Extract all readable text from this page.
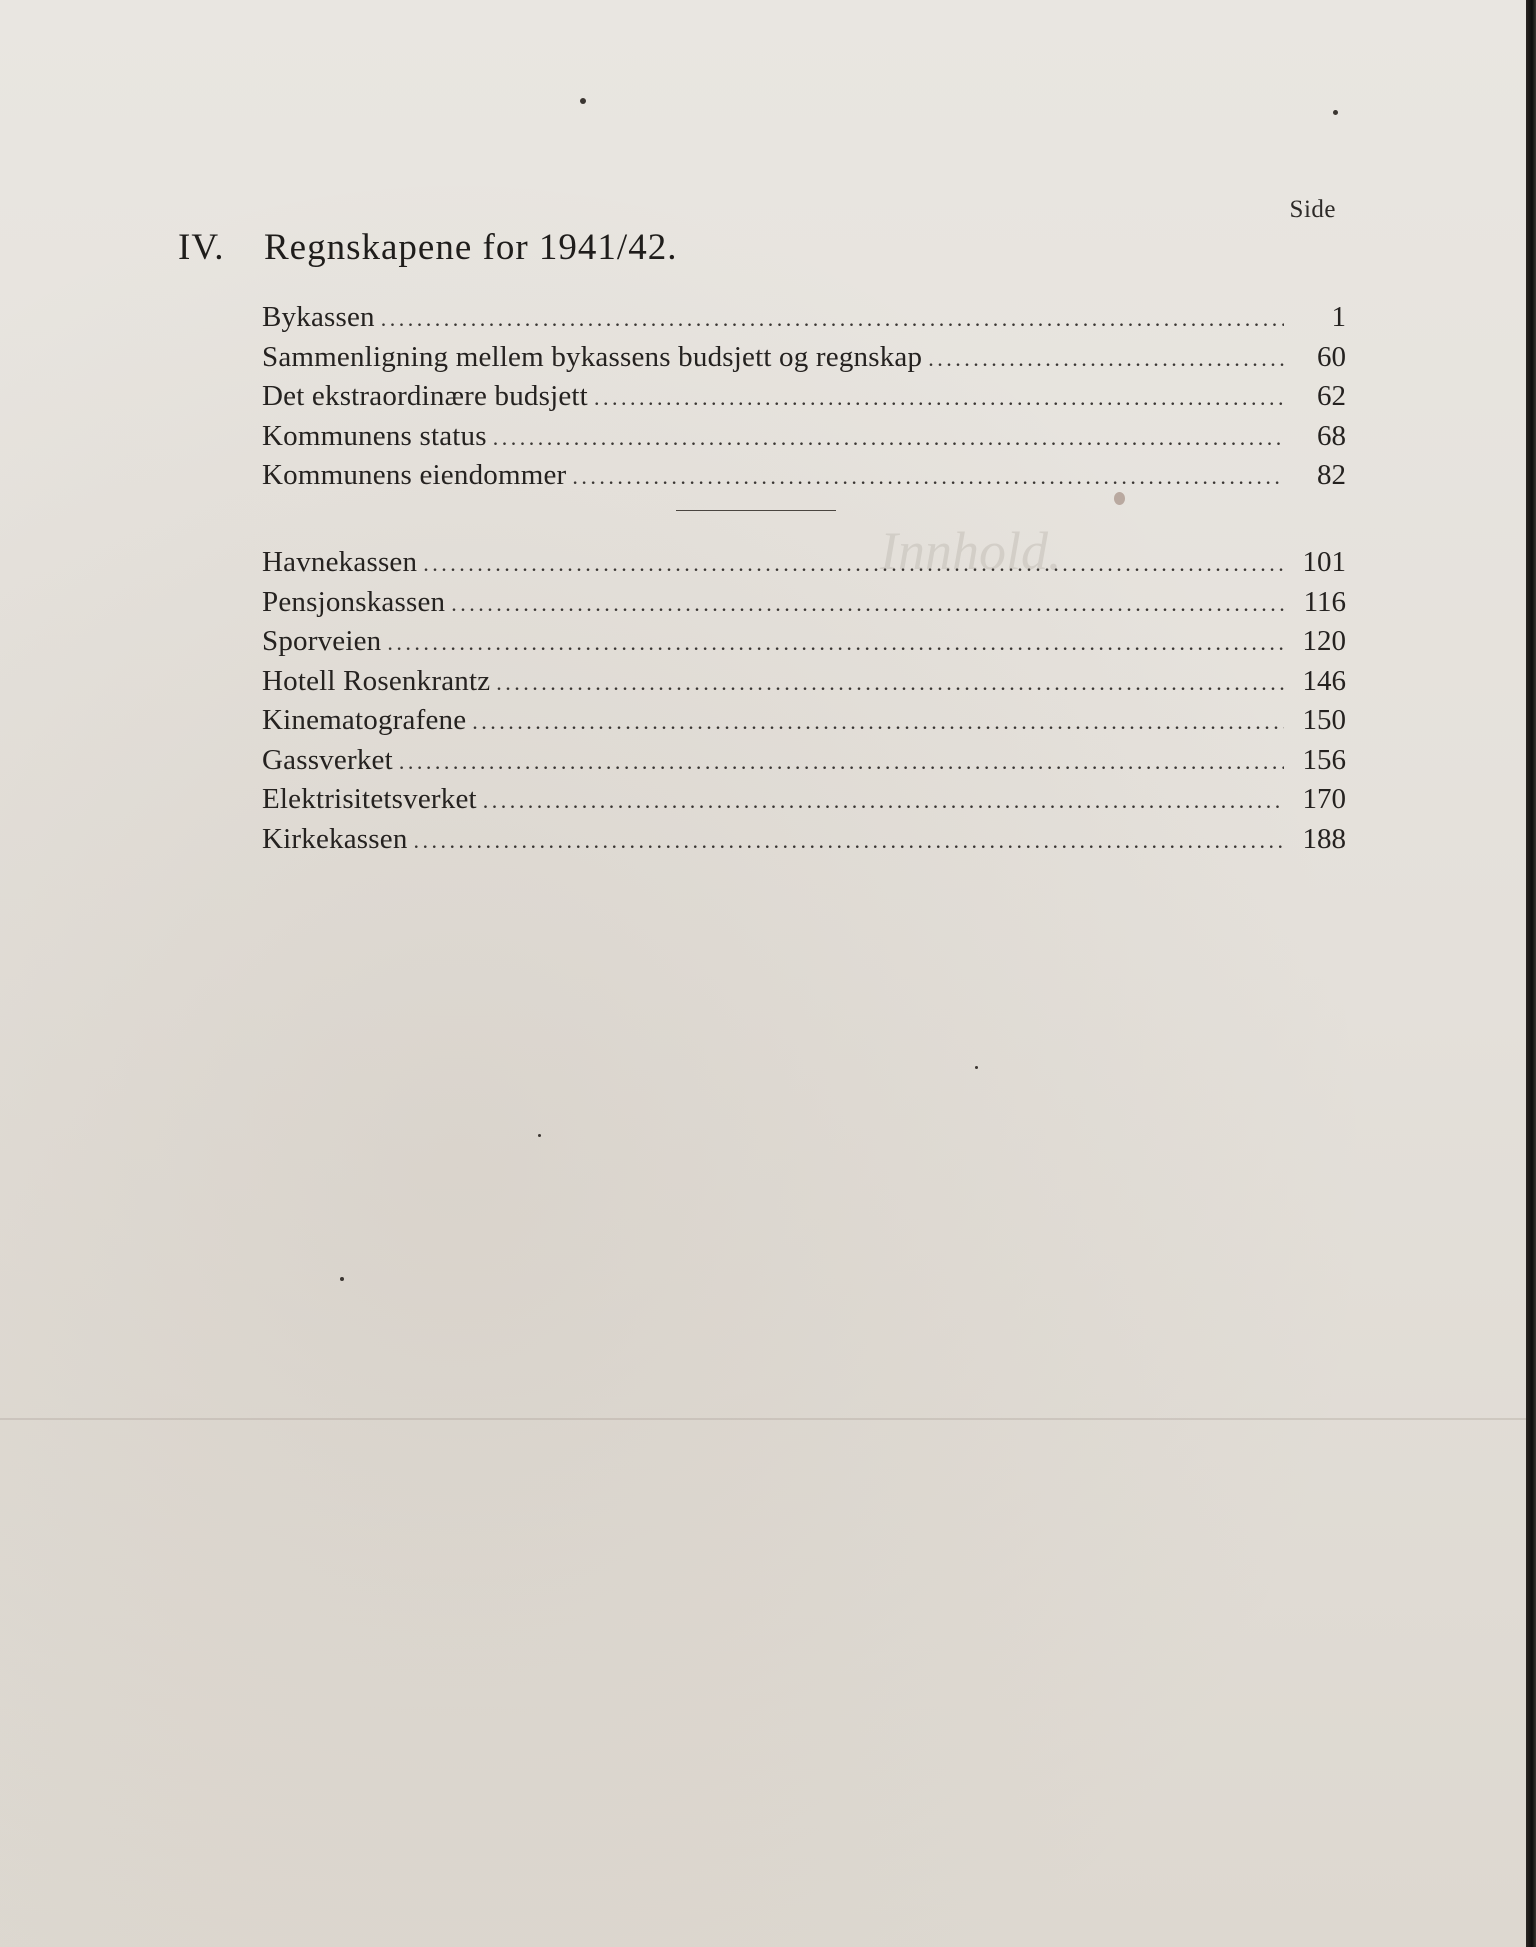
Innhold.
Side
IV. Regnskapene for 1941/42.
Bykassen . . .	1
Sammenligning mellem bykassens budsjett og regnskap . . .	60
Det ekstraordinære budsjett . . .	62
Kommunens status . . .	68
Kommunens eiendommer . . .	82
Havnekassen . . .	101
Pensjonskassen . . .	116
Sporveien . . .	120
Hotell Rosenkrantz . . .	146
Kinematografene . . .	150
Gassverket . . .	156
Elektrisitetsverket . . .	170
Kirkekassen . . .	188
